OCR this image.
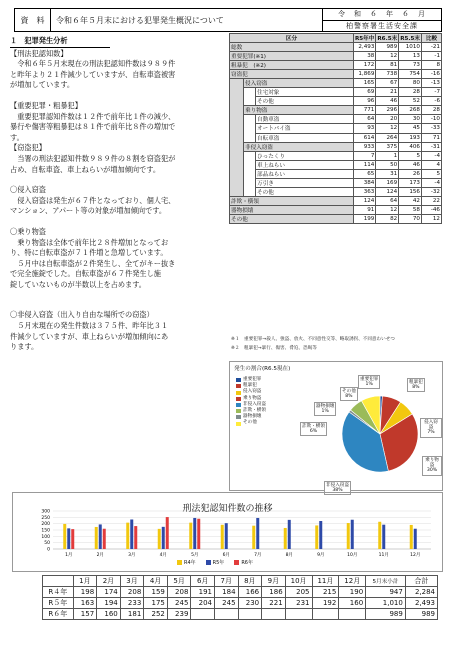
資　料	令和６年５月末における犯罪発生概況について
令　和　６　年　６　月
柏警察署生活安全課
１　犯罪発生分析
【刑法犯認知数】

　令和６年５月末現在の刑法犯認知件数は９８９件
と昨年より２１件減少していますが、自転車盗被害
が増加しています。

【重要犯罪・粗暴犯】

　重要犯罪認知件数は１２件で前年比１件の減少、
暴行や傷害等粗暴犯は８１件で前年比８件の増加で
す。

【窃盗犯】

　当署の刑法犯認知件数９８９件の８割を窃盗犯が
占め、自転車盗、車上ねらいが増加傾向です。

〇侵入窃盗

　侵入窃盗は発生が６７件となっており、個人宅、
マンション、アパート等の対象が増加傾向です。

〇乗り物盗

　乗り物盗は全体で前年比２８件増加となってお
り、特に自転車盗が７１件増と急増しています。
　５月中は自転車盗が２件発生し、全てがキー抜き
で完全施錠でした。自転車盗が６７件発生し施
錠していないものが半数以上を占めます。

〇非侵入窃盗（出入り自由な場所での窃盗）

　５月末現在の発生件数は３７５件、昨年比３１
件減少していますが、車上ねらいが増加傾向にあ
ります。

区分			R5年中	R6.5末	R5.5末	比較
総数			2,493	989	1010	-21
重要犯罪(※1)			38	12	13	-1
粗暴犯　(※2)			172	81	73	8
窃盗犯			1,869	738	754	-16
	侵入窃盗		165	67	80	-13
		住宅対象	69	21	28	-7
		その他	96	46	52	-6
	乗り物盗		771	296	268	28
		自動車盗	64	20	30	-10
		オートバイ盗	93	12	45	-33
		自転車盗	614	264	193	71
	非侵入窃盗		933	375	406	-31
		ひったくり	7	1	5	-4
		車上ねらい	114	50	46	4
		部品ねらい	65	31	26	5
		万引き	384	169	173	-4
		その他	363	124	156	-32
詐欺・横領			124	64	42	22
器物損壊			91	12	58	-46
その他			199	82	70	12
※１　重要犯罪→殺人、強盗、放火、不同意性交等、略取誘拐、不同意わいせつ
※２　粗暴犯→暴行、傷害、脅迫、恐喝等
発生の割合(R6.5現在)
重要犯罪
粗暴犯
侵入窃盗
乗り物盗
非侵入窃盗
詐欺・横領
器物損壊
その他
重要犯罪
1%	粗暴犯
8%
侵入窃盗
7%
乗り物盗
30%
非侵入窃盗
38%
器物損壊
1%
詐欺・横領
6%
その他
8%
0
50
100
150
200
250
300
1月	2月	3月	4月	5月	6月	7月	8月	9月	10月	11月	12月
刑法犯認知件数の推移
R4年	R5年	R6年
	1月	2月	3月	4月	5月	6月	7月	8月	9月	10月	11月	12月	5月末小計	合計
R４年	198	174	208	159	208	191	184	166	186	205	215	190	947	2,284
R５年	163	194	233	175	245	204	245	230	221	231	192	160	1,010	2,493
R６年	157	160	181	252	239								989	989
